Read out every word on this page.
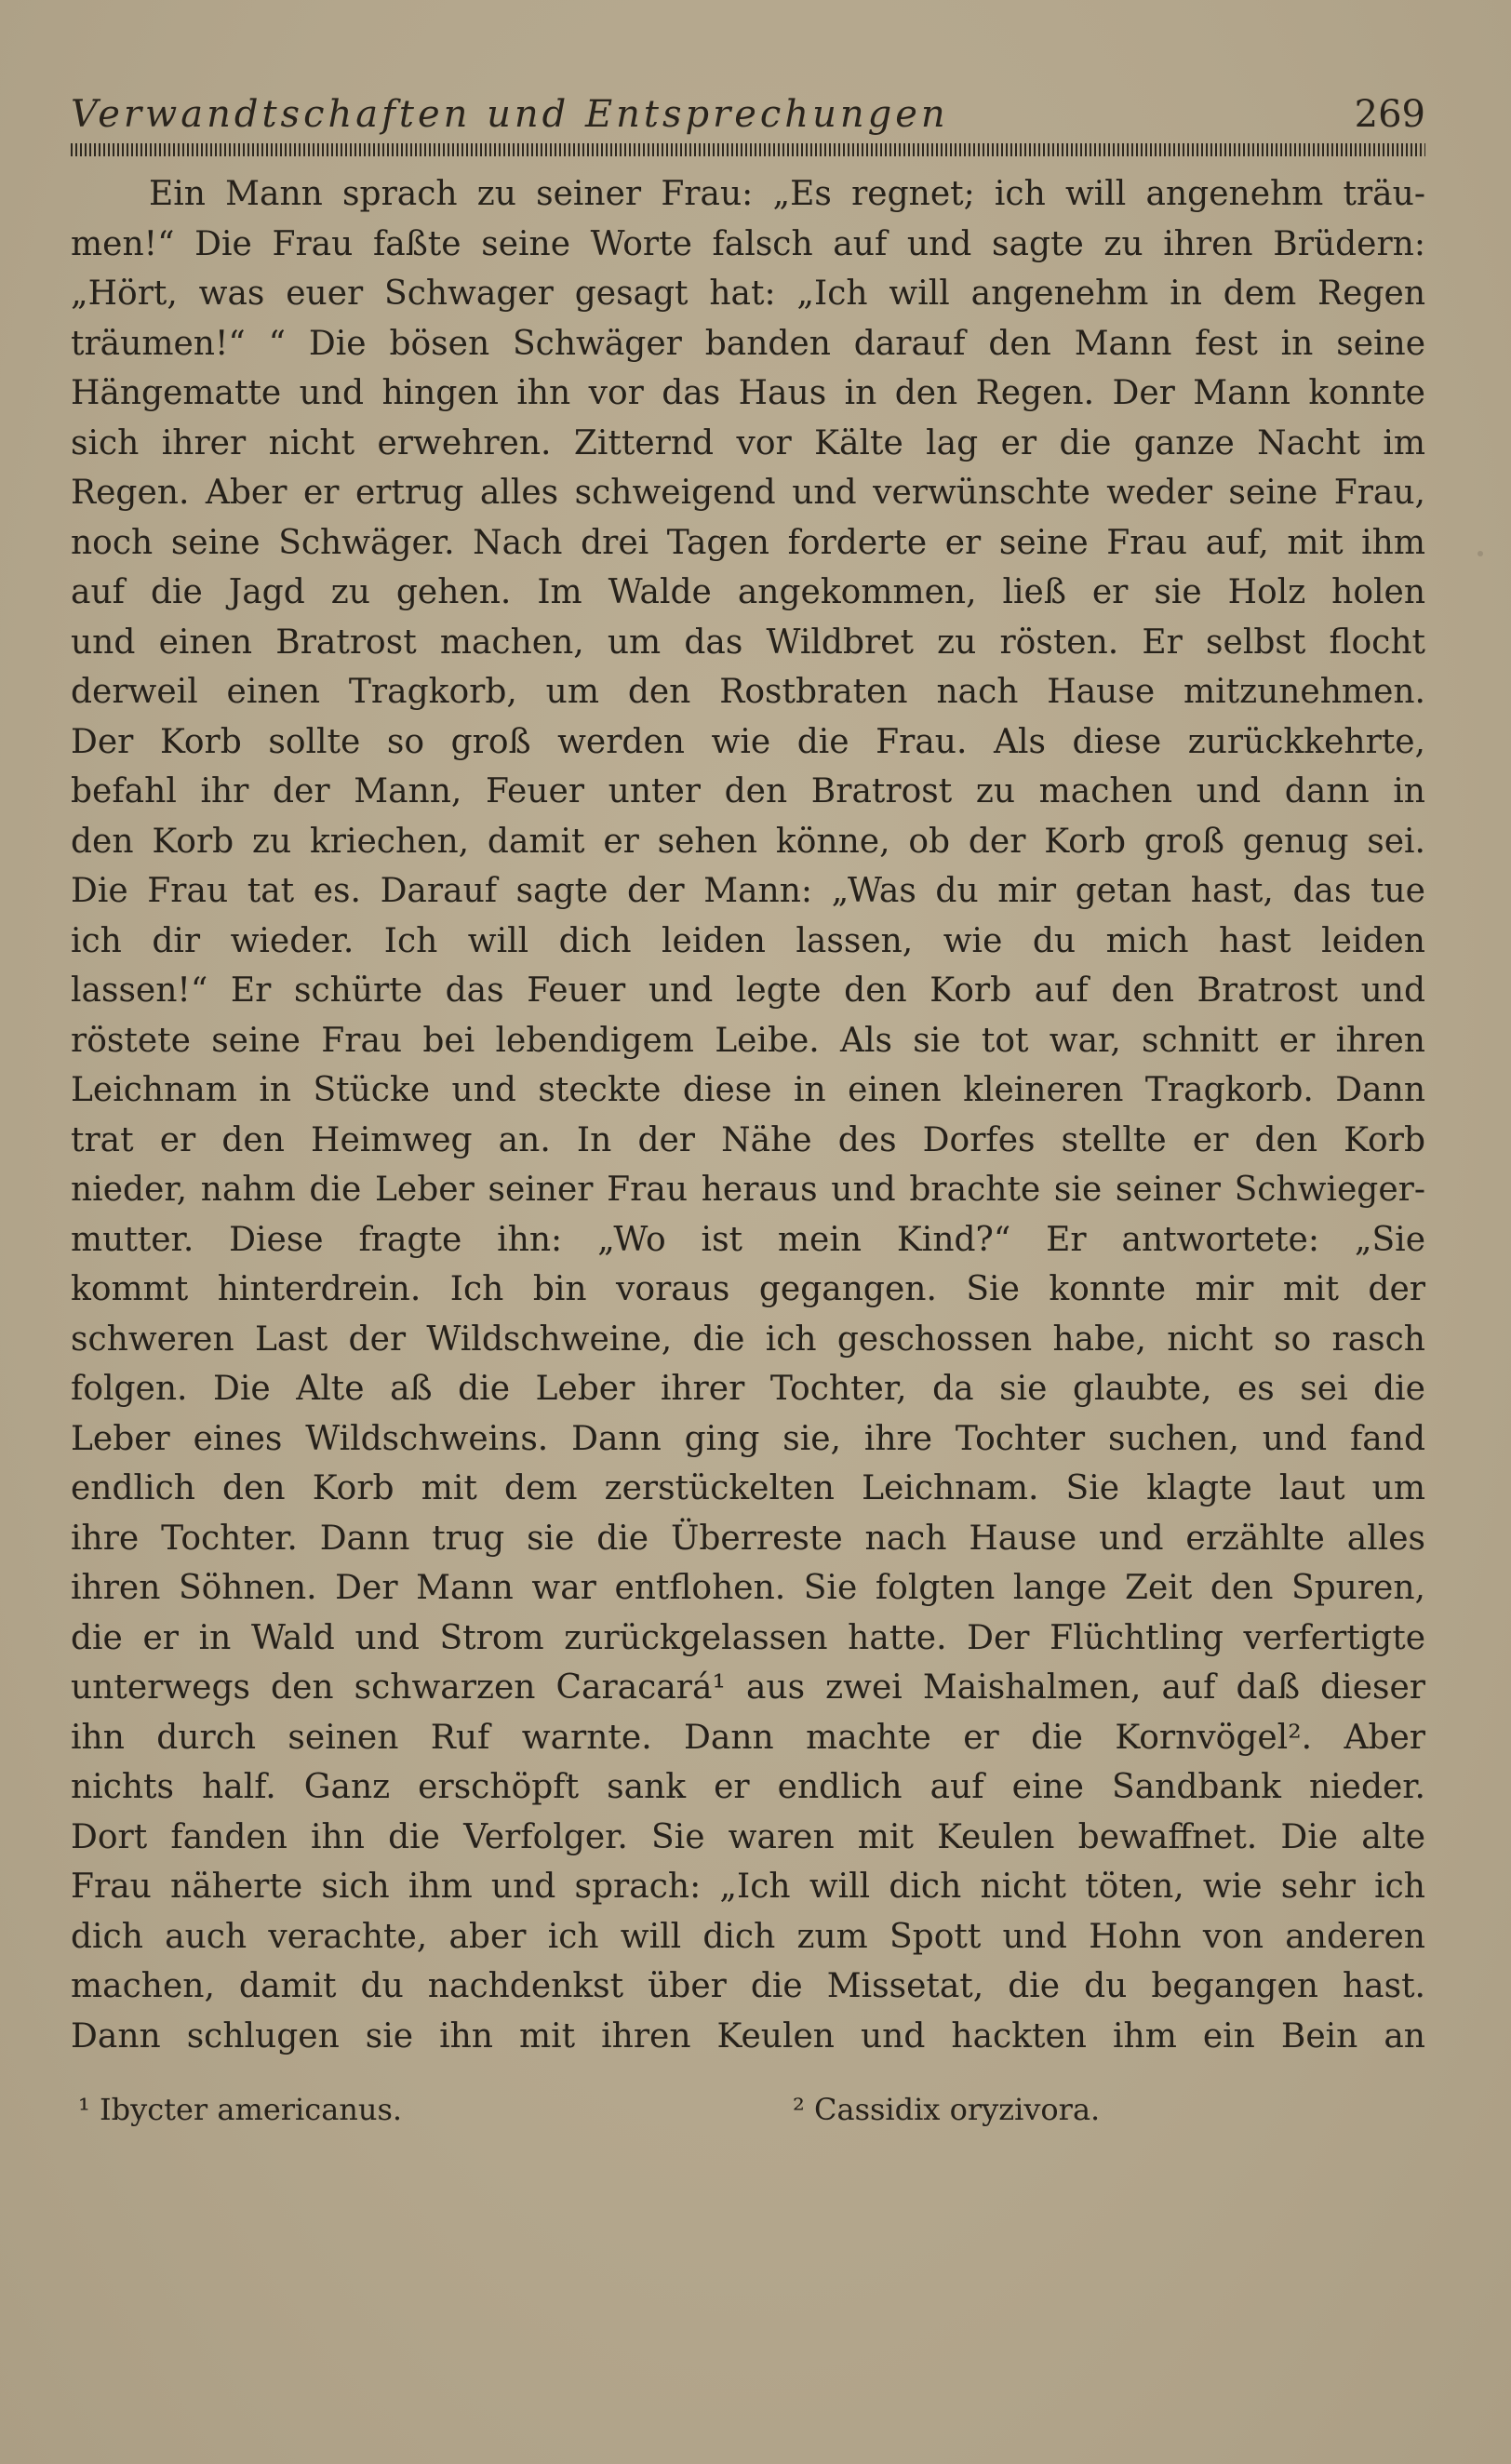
Verwandtschaften und Entsprechungen	269
Ein Mann sprach zu seiner Frau: „Es regnet; ich will angenehm träu-
men!“ Die Frau faßte seine Worte falsch auf und sagte zu ihren Brüdern:
„Hört, was euer Schwager gesagt hat: „Ich will angenehm in dem Regen
träumen!“ “ Die bösen Schwäger banden darauf den Mann fest in seine
Hängematte und hingen ihn vor das Haus in den Regen. Der Mann konnte
sich ihrer nicht erwehren. Zitternd vor Kälte lag er die ganze Nacht im
Regen. Aber er ertrug alles schweigend und verwünschte weder seine Frau,
noch seine Schwäger. Nach drei Tagen forderte er seine Frau auf, mit ihm
auf die Jagd zu gehen. Im Walde angekommen, ließ er sie Holz holen
und einen Bratrost machen, um das Wildbret zu rösten. Er selbst flocht
derweil einen Tragkorb, um den Rostbraten nach Hause mitzunehmen.
Der Korb sollte so groß werden wie die Frau. Als diese zurückkehrte,
befahl ihr der Mann, Feuer unter den Bratrost zu machen und dann in
den Korb zu kriechen, damit er sehen könne, ob der Korb groß genug sei.
Die Frau tat es. Darauf sagte der Mann: „Was du mir getan hast, das tue
ich dir wieder. Ich will dich leiden lassen, wie du mich hast leiden
lassen!“ Er schürte das Feuer und legte den Korb auf den Bratrost und
röstete seine Frau bei lebendigem Leibe. Als sie tot war, schnitt er ihren
Leichnam in Stücke und steckte diese in einen kleineren Tragkorb. Dann
trat er den Heimweg an. In der Nähe des Dorfes stellte er den Korb
nieder, nahm die Leber seiner Frau heraus und brachte sie seiner Schwieger-
mutter. Diese fragte ihn: „Wo ist mein Kind?“ Er antwortete: „Sie
kommt hinterdrein. Ich bin voraus gegangen. Sie konnte mir mit der
schweren Last der Wildschweine, die ich geschossen habe, nicht so rasch
folgen. Die Alte aß die Leber ihrer Tochter, da sie glaubte, es sei die
Leber eines Wildschweins. Dann ging sie, ihre Tochter suchen, und fand
endlich den Korb mit dem zerstückelten Leichnam. Sie klagte laut um
ihre Tochter. Dann trug sie die Überreste nach Hause und erzählte alles
ihren Söhnen. Der Mann war entflohen. Sie folgten lange Zeit den Spuren,
die er in Wald und Strom zurückgelassen hatte. Der Flüchtling verfertigte
unterwegs den schwarzen Caracará¹ aus zwei Maishalmen, auf daß dieser
ihn durch seinen Ruf warnte. Dann machte er die Kornvögel². Aber
nichts half. Ganz erschöpft sank er endlich auf eine Sandbank nieder.
Dort fanden ihn die Verfolger. Sie waren mit Keulen bewaffnet. Die alte
Frau näherte sich ihm und sprach: „Ich will dich nicht töten, wie sehr ich
dich auch verachte, aber ich will dich zum Spott und Hohn von anderen
machen, damit du nachdenkst über die Missetat, die du begangen hast.
Dann schlugen sie ihn mit ihren Keulen und hackten ihm ein Bein an
¹ Ibycter americanus.	² Cassidix oryzivora.
